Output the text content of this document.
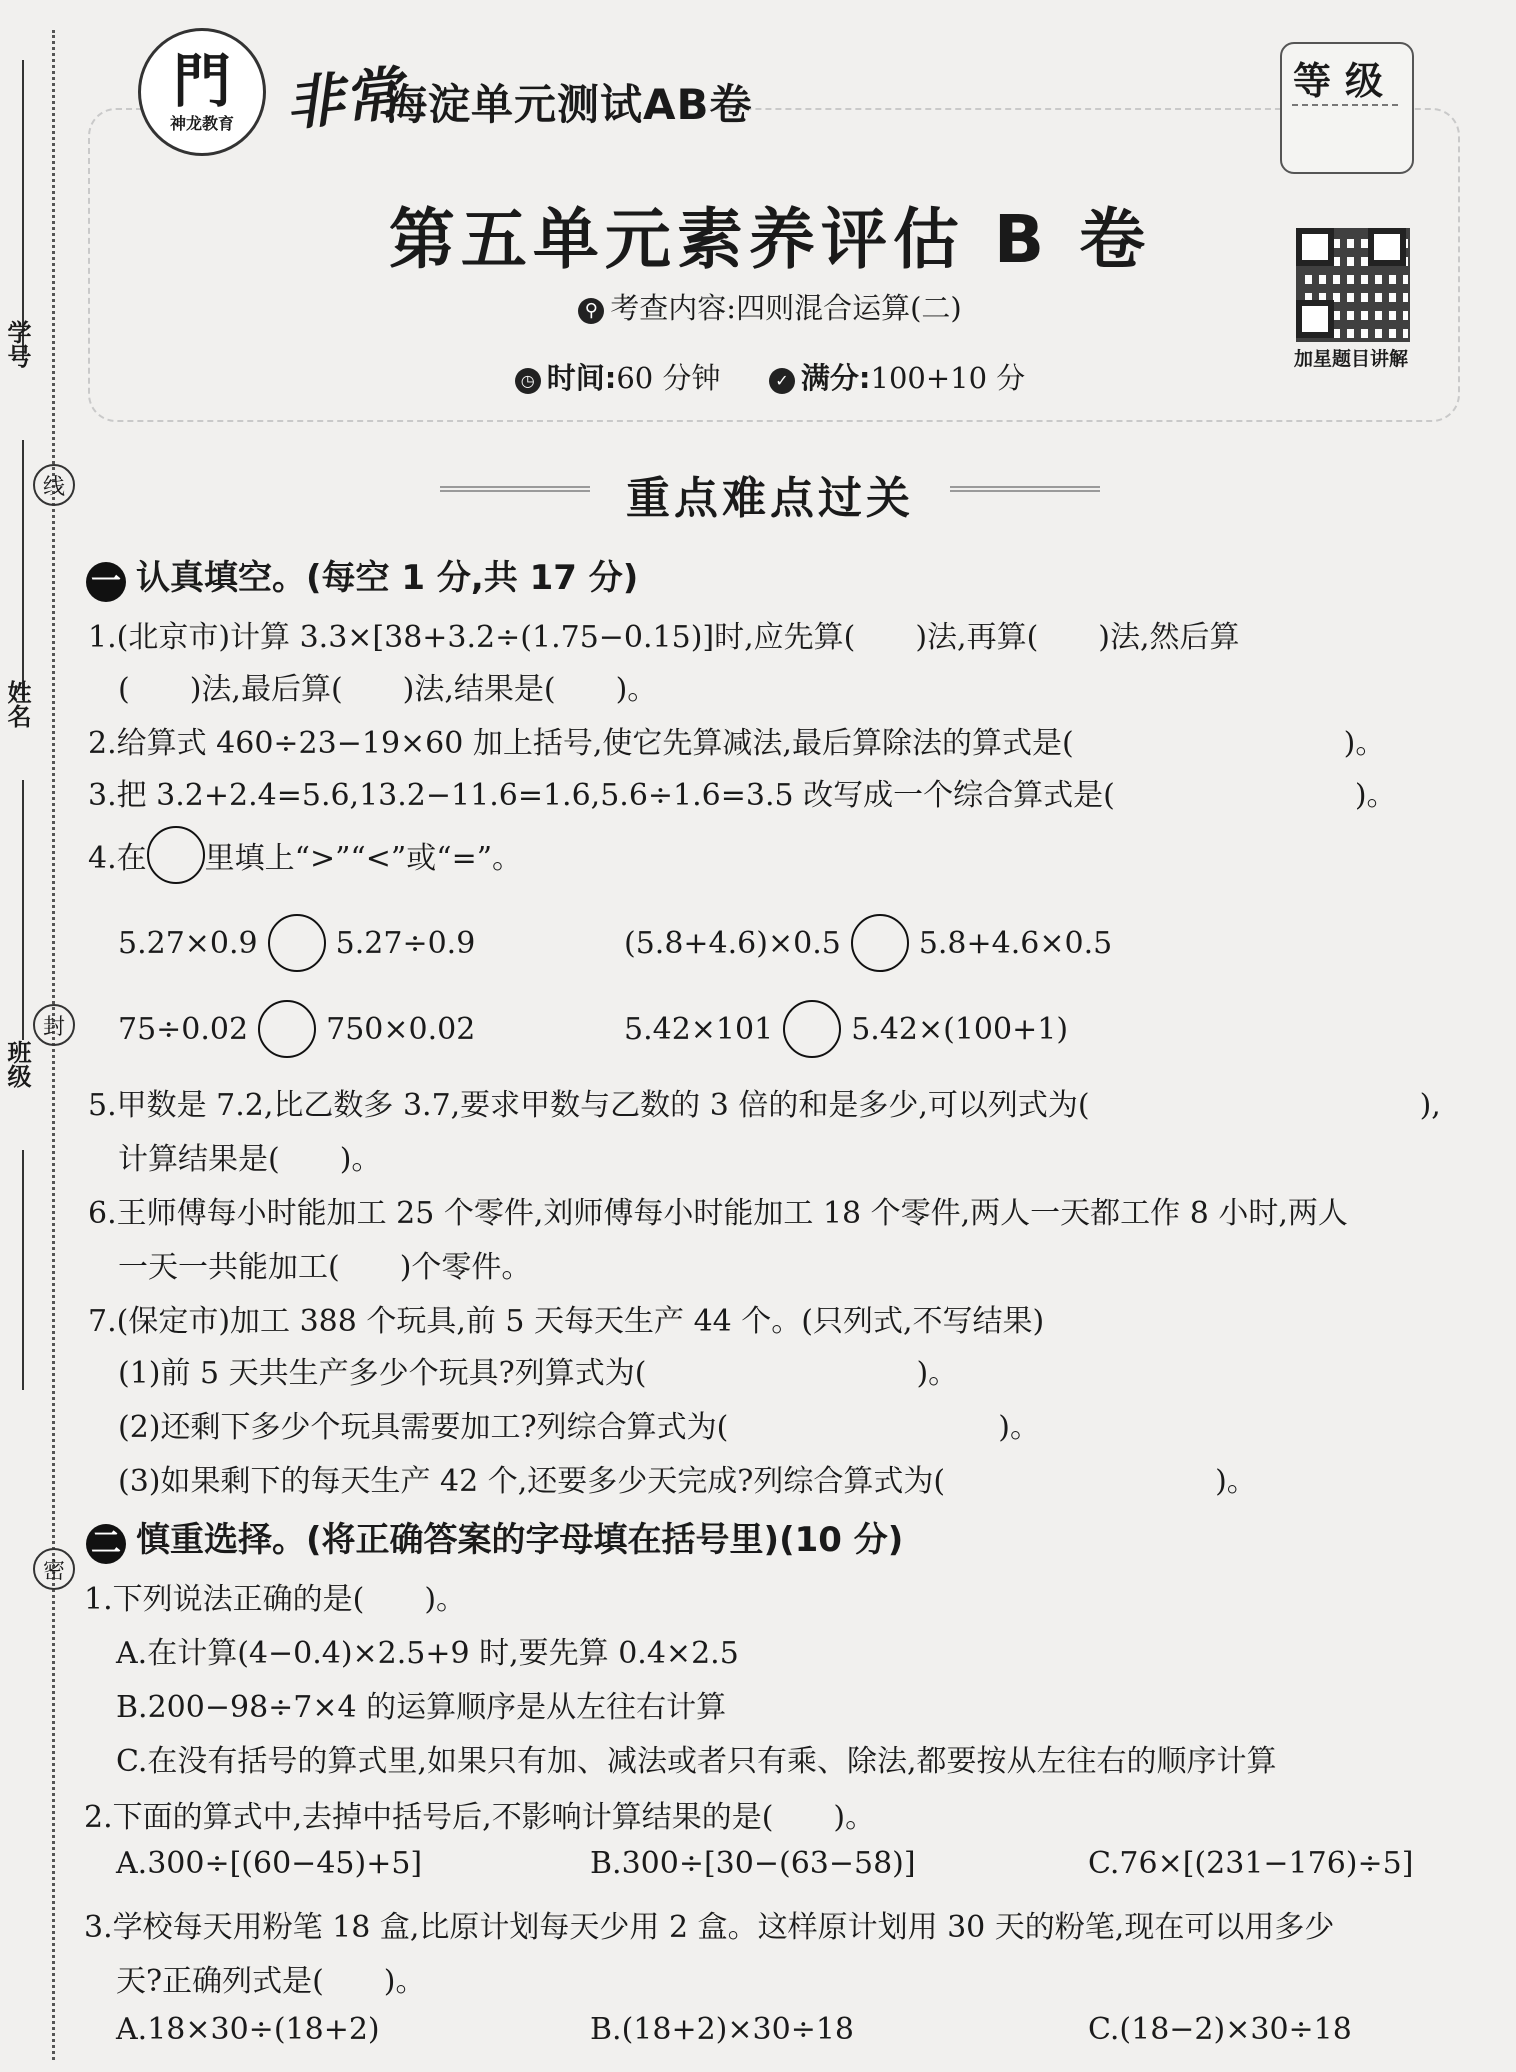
学号
线
姓名
封
班级
密
門
神龙教育 非常
海淀单元测试AB卷	等级
第五单元素养评估 B 卷
⚲ 考查内容:四则混合运算(二)
◷ 时间:60 分钟	✓ 满分:100+10 分
加星题目讲解
重点难点过关
一 认真填空。(每空 1 分,共 17 分)
1.(北京市)计算 3.3×[38+3.2÷(1.75−0.15)]时,应先算(　　)法,再算(　　)法,然后算
(　　)法,最后算(　　)法,结果是(　　)。
2.给算式 460÷23−19×60 加上括号,使它先算减法,最后算除法的算式是(　　　　　　　　　)。
3.把 3.2+2.4=5.6,13.2−11.6=1.6,5.6÷1.6=3.5 改写成一个综合算式是(　　　　　　　　)。
4.在 里填上“>”“<”或“=”。
5.27×0.9	5.27÷0.9	(5.8+4.6)×0.5	5.8+4.6×0.5
75÷0.02	750×0.02	5.42×101	5.42×(100+1)
5.甲数是 7.2,比乙数多 3.7,要求甲数与乙数的 3 倍的和是多少,可以列式为(　　　　　　　　　　　),
计算结果是(　　)。
6.王师傅每小时能加工 25 个零件,刘师傅每小时能加工 18 个零件,两人一天都工作 8 小时,两人
一天一共能加工(　　)个零件。
7.(保定市)加工 388 个玩具,前 5 天每天生产 44 个。(只列式,不写结果)
(1)前 5 天共生产多少个玩具?列算式为(　　　　　　　　　)。
(2)还剩下多少个玩具需要加工?列综合算式为(　　　　　　　　　)。
(3)如果剩下的每天生产 42 个,还要多少天完成?列综合算式为(　　　　　　　　　)。
二 慎重选择。(将正确答案的字母填在括号里)(10 分)
1.下列说法正确的是(　　)。
A.在计算(4−0.4)×2.5+9 时,要先算 0.4×2.5
B.200−98÷7×4 的运算顺序是从左往右计算
C.在没有括号的算式里,如果只有加、减法或者只有乘、除法,都要按从左往右的顺序计算
2.下面的算式中,去掉中括号后,不影响计算结果的是(　　)。
A.300÷[(60−45)+5]	B.300÷[30−(63−58)]	C.76×[(231−176)÷5]
3.学校每天用粉笔 18 盒,比原计划每天少用 2 盒。这样原计划用 30 天的粉笔,现在可以用多少
天?正确列式是(　　)。
A.18×30÷(18+2)	B.(18+2)×30÷18	C.(18−2)×30÷18
